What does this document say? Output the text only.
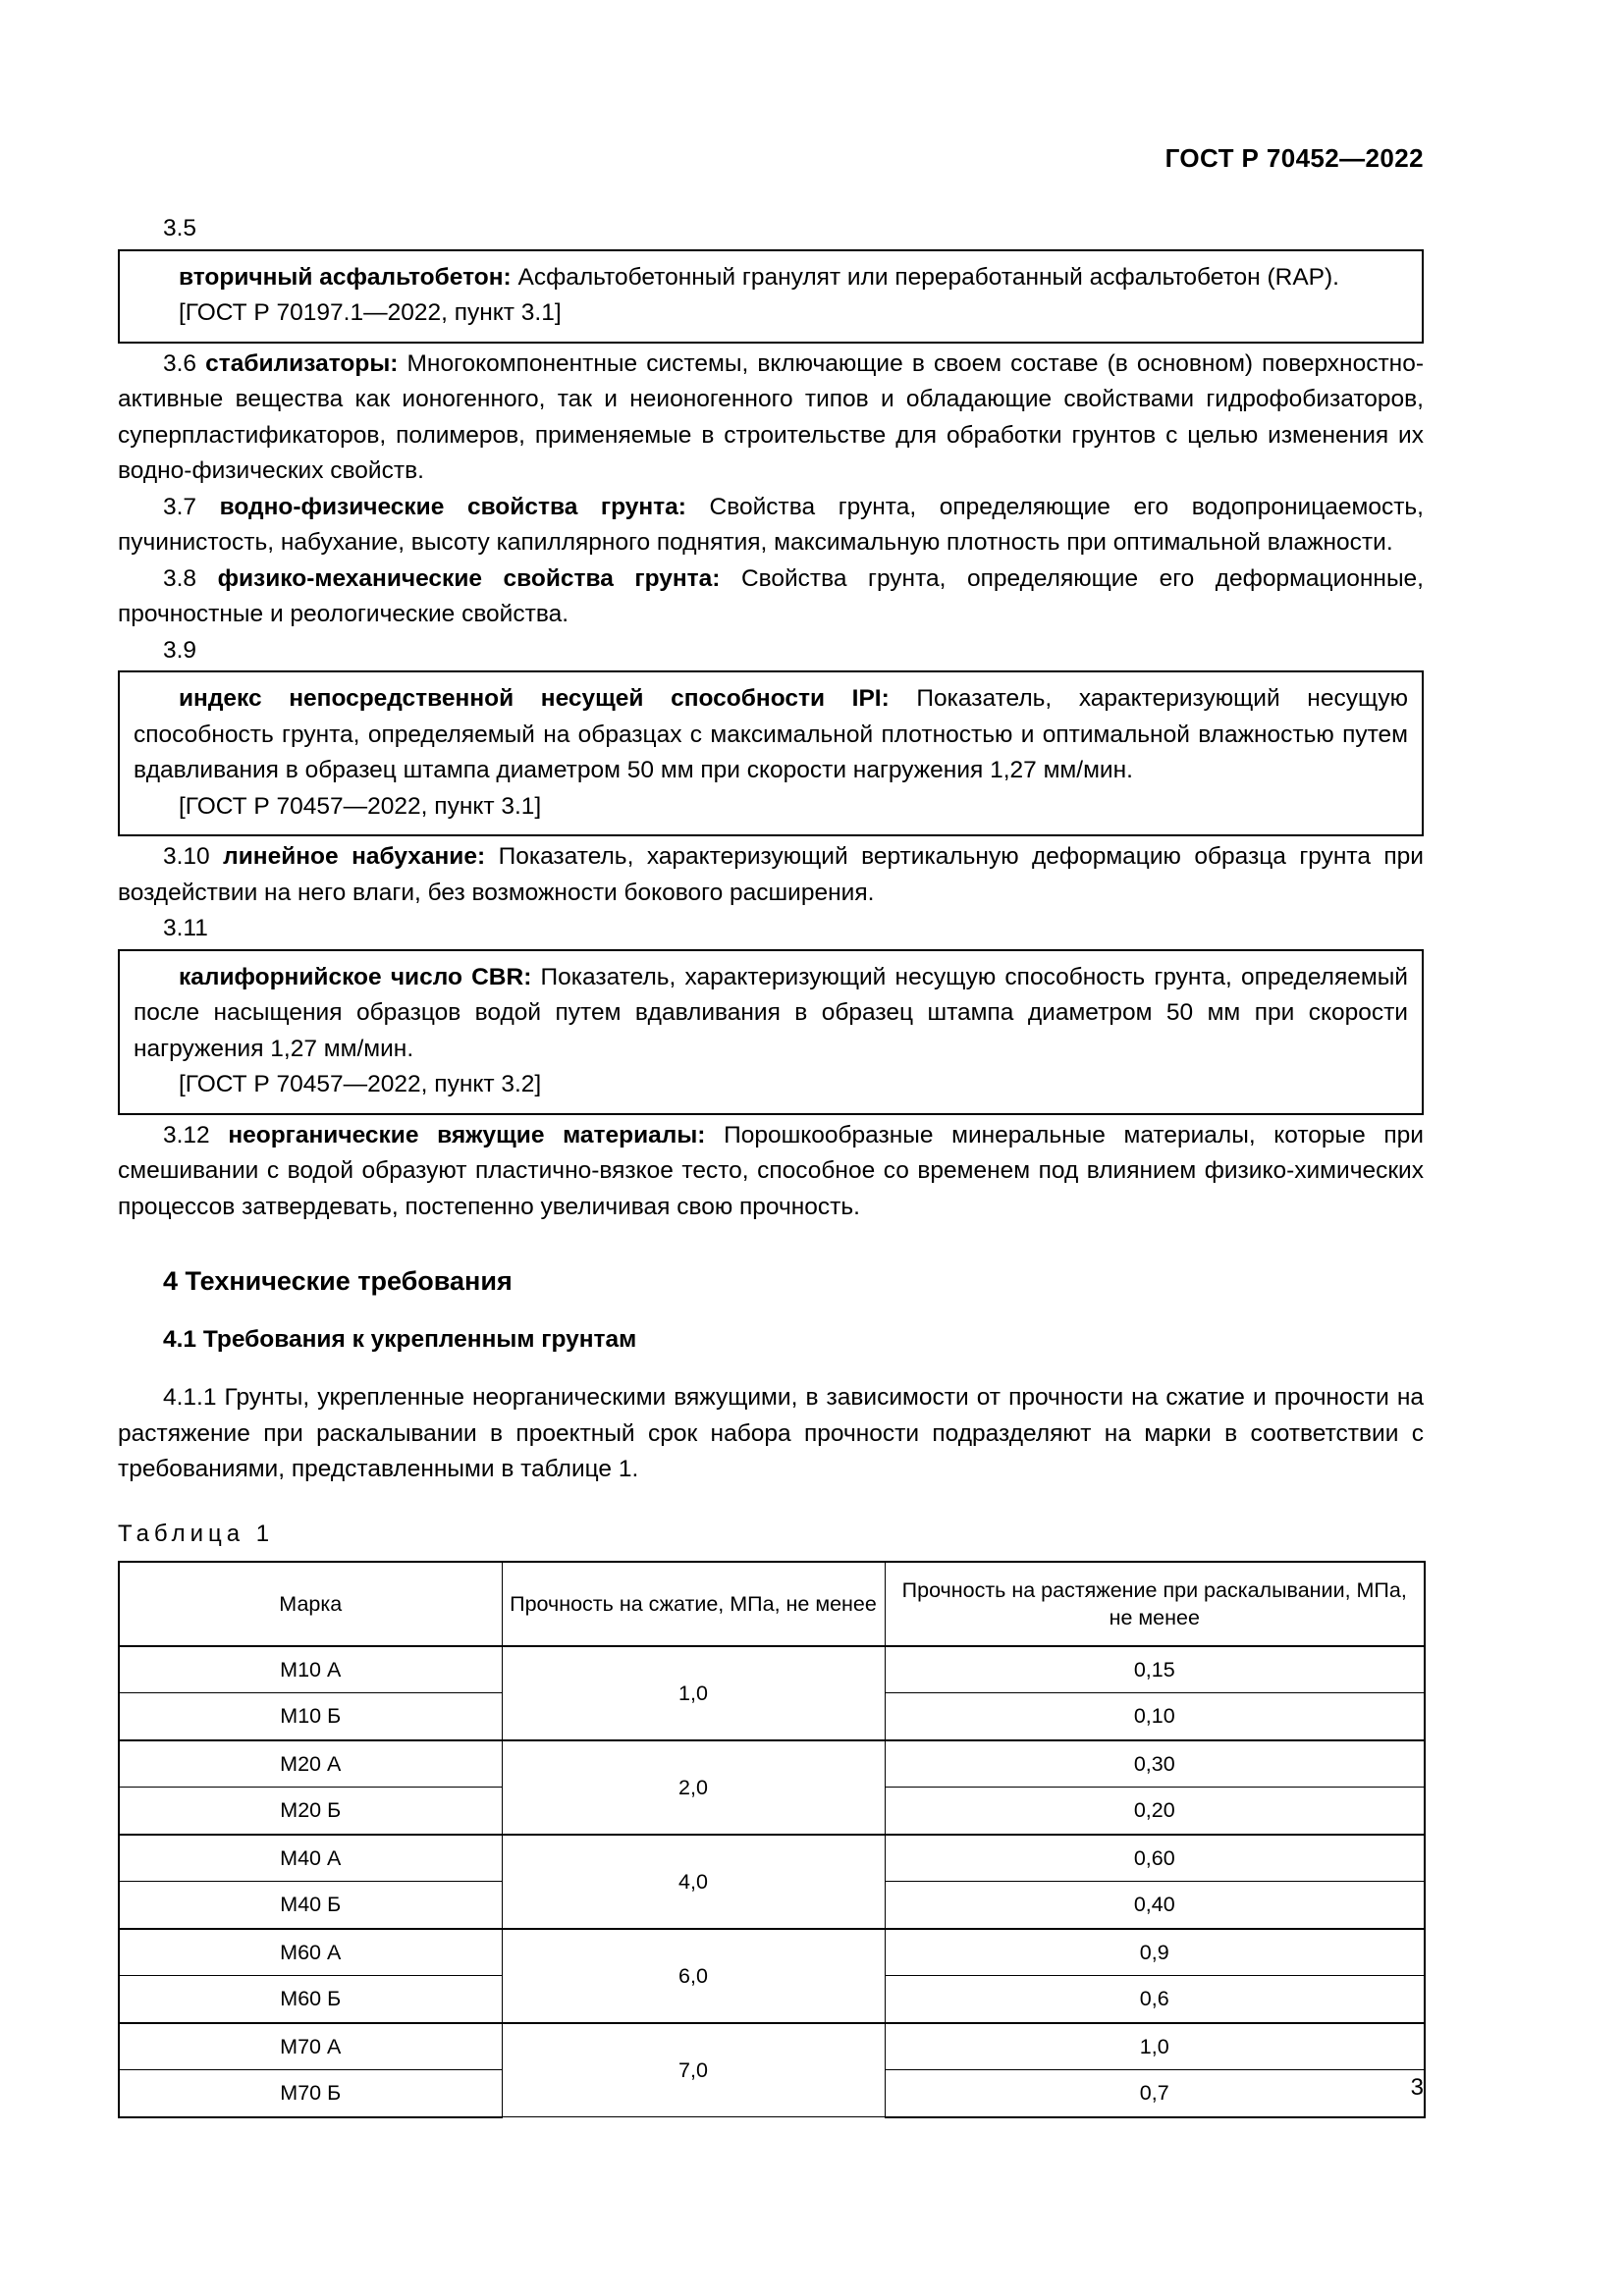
ГОСТ Р 70452—2022
3.5

вторичный асфальтобетон: Асфальтобетонный гранулят или переработанный асфальтобетон (RAP).

[ГОСТ Р 70197.1—2022, пункт 3.1]

3.6 стабилизаторы: Многокомпонентные системы, включающие в своем составе (в основном) поверхностно-активные вещества как ионогенного, так и неионогенного типов и обладающие свойствами гидрофобизаторов, суперпластификаторов, полимеров, применяемые в строительстве для обработки грунтов с целью изменения их водно-физических свойств.

3.7 водно-физические свойства грунта: Свойства грунта, определяющие его водопроницаемость, пучинистость, набухание, высоту капиллярного поднятия, максимальную плотность при оптимальной влажности.

3.8 физико-механические свойства грунта: Свойства грунта, определяющие его деформационные, прочностные и реологические свойства.

3.9

индекс непосредственной несущей способности IPI: Показатель, характеризующий несущую способность грунта, определяемый на образцах с максимальной плотностью и оптимальной влажностью путем вдавливания в образец штампа диаметром 50 мм при скорости нагружения 1,27 мм/мин.

[ГОСТ Р 70457—2022, пункт 3.1]

3.10 линейное набухание: Показатель, характеризующий вертикальную деформацию образца грунта при воздействии на него влаги, без возможности бокового расширения.

3.11

калифорнийское число CBR: Показатель, характеризующий несущую способность грунта, определяемый после насыщения образцов водой путем вдавливания в образец штампа диаметром 50 мм при скорости нагружения 1,27 мм/мин.

[ГОСТ Р 70457—2022, пункт 3.2]

3.12 неорганические вяжущие материалы: Порошкообразные минеральные материалы, которые при смешивании с водой образуют пластично-вязкое тесто, способное со временем под влиянием физико-химических процессов затвердевать, постепенно увеличивая свою прочность.

4 Технические требования
4.1 Требования к укрепленным грунтам

4.1.1 Грунты, укрепленные неорганическими вяжущими, в зависимости от прочности на сжатие и прочности на растяжение при раскалывании в проектный срок набора прочности подразделяют на марки в соответствии с требованиями, представленными в таблице 1.

Таблица 1
Марка	Прочность на сжатие, МПа, не менее	Прочность на растяжение при раскалывании, МПа, не менее
M10 А	1,0	0,15
M10 Б		0,10
M20 А	2,0	0,30
M20 Б		0,20
M40 А	4,0	0,60
M40 Б		0,40
M60 А	6,0	0,9
M60 Б		0,6
M70 А	7,0	1,0
M70 Б		0,7	3
